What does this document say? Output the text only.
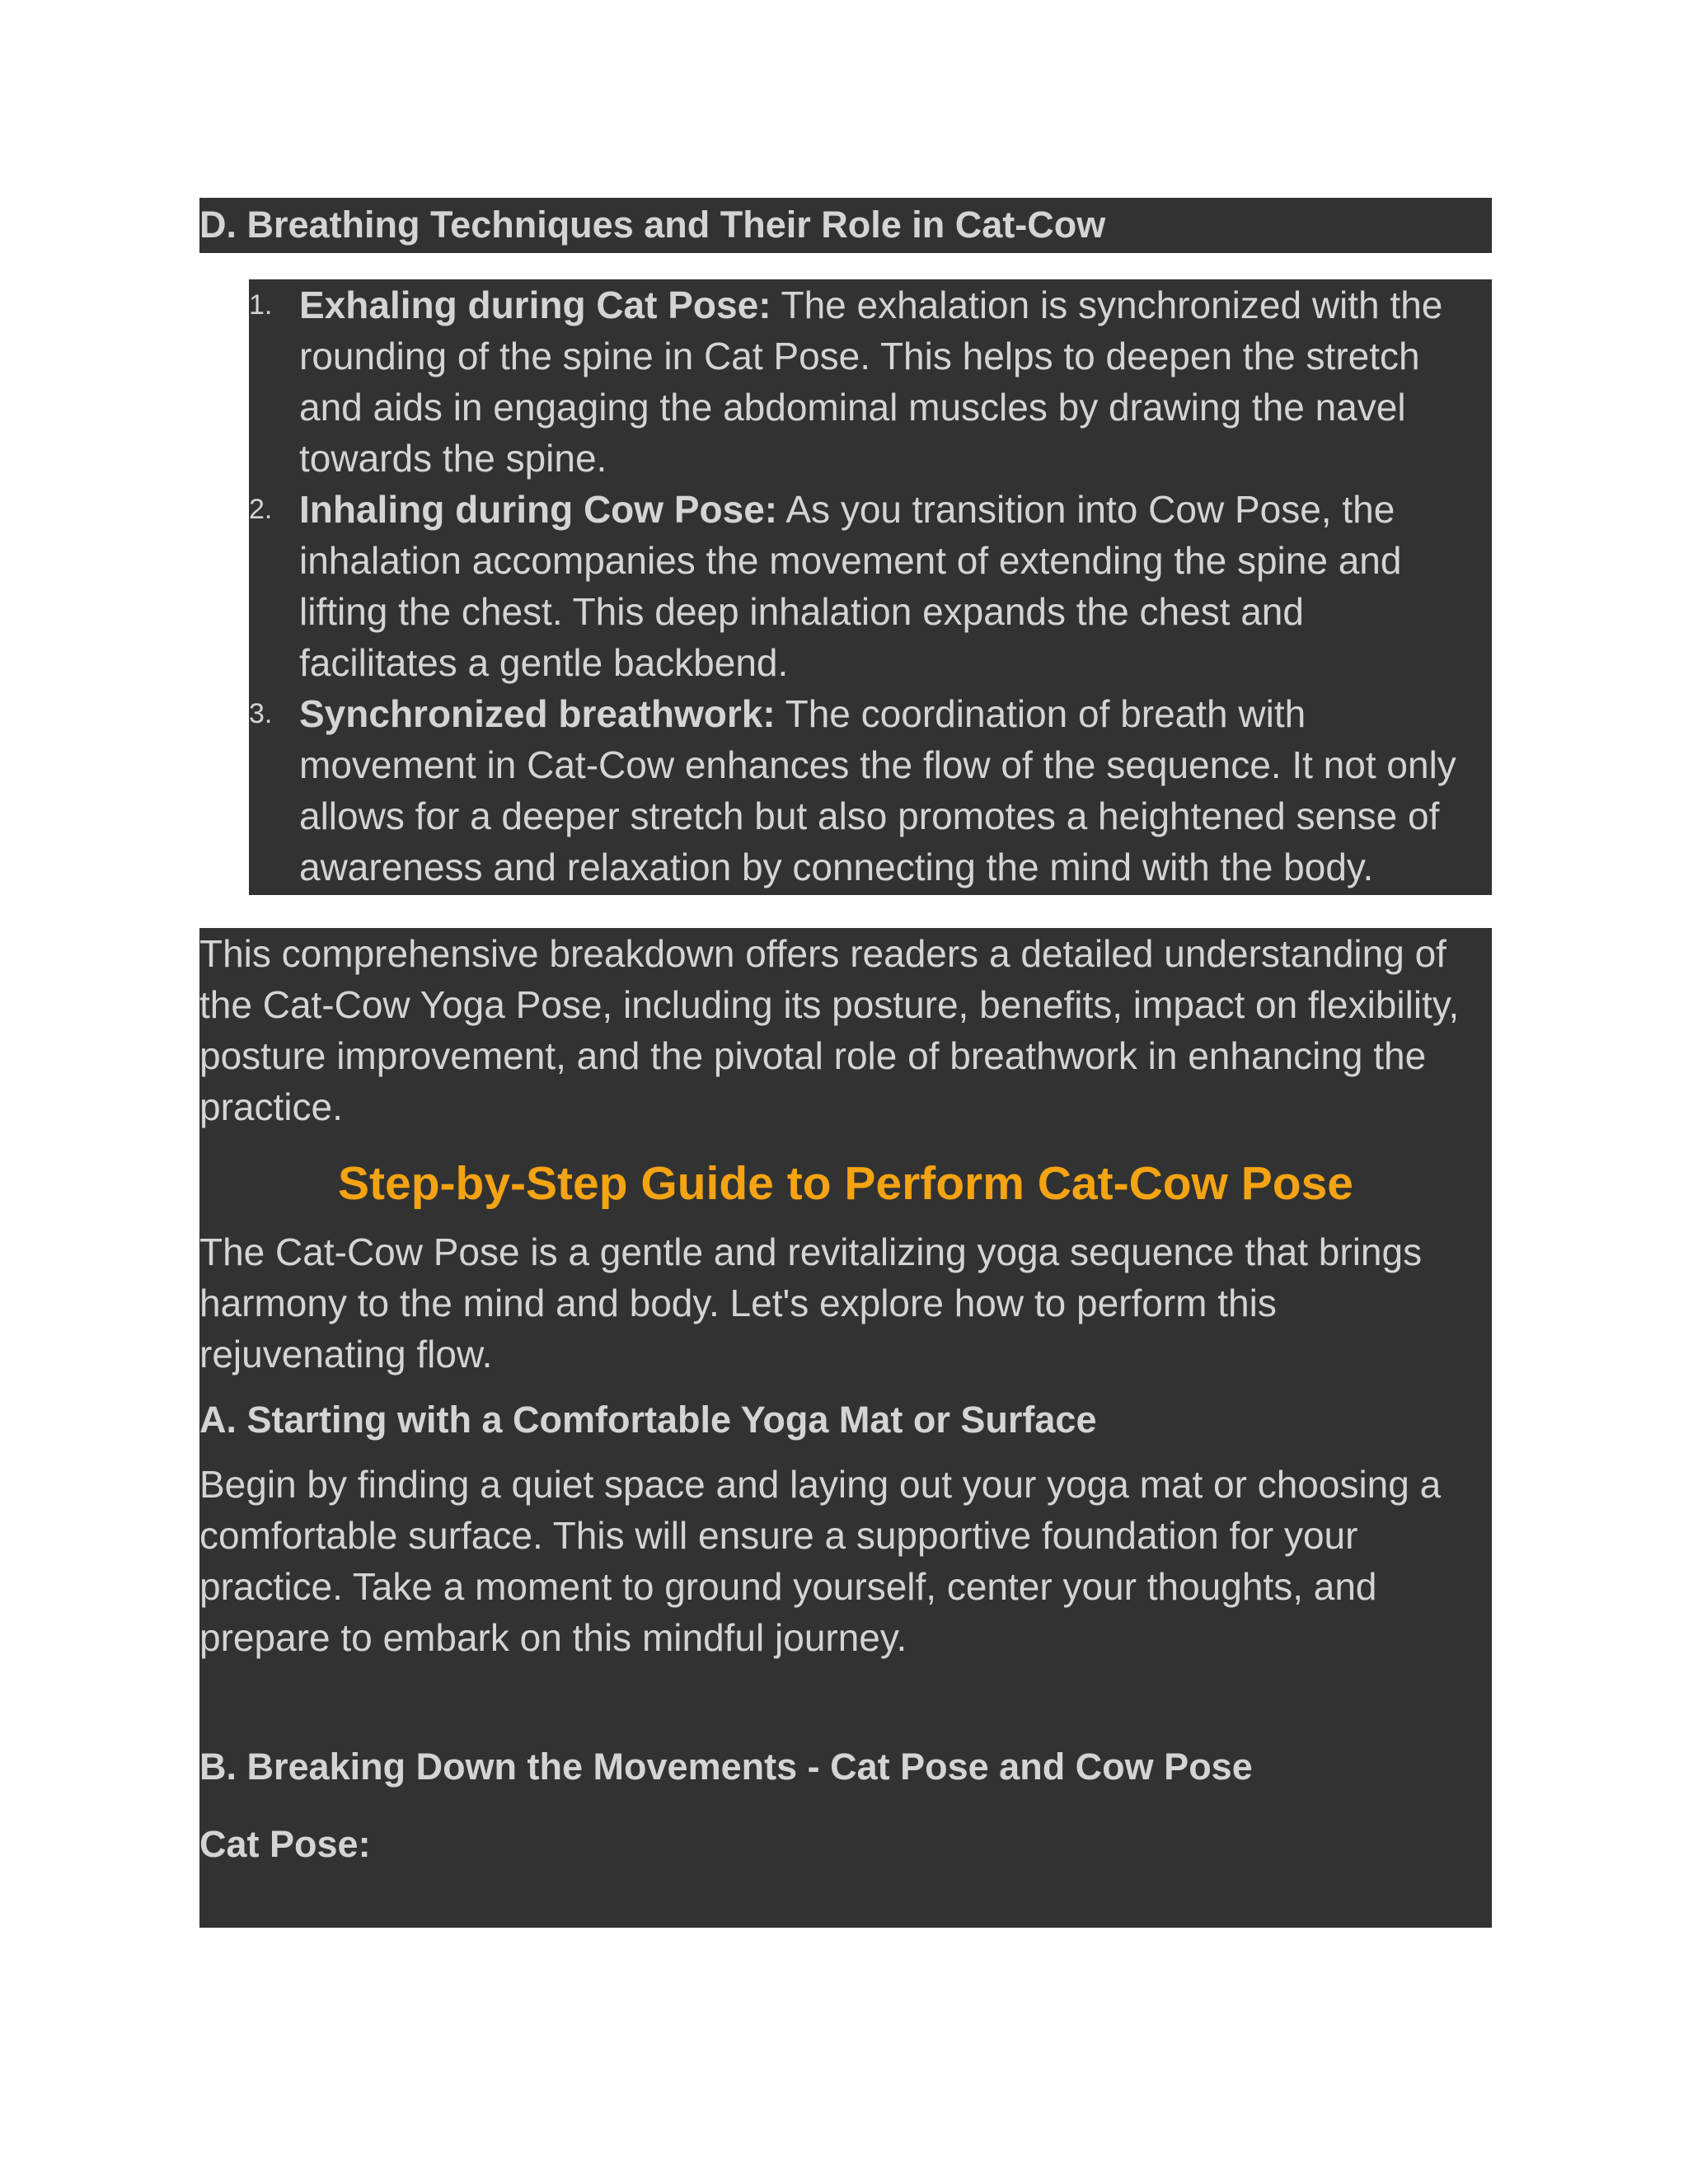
D. Breathing Techniques and Their Role in Cat-Cow
1. Exhaling during Cat Pose: The exhalation is synchronized with the
rounding of the spine in Cat Pose. This helps to deepen the stretch
and aids in engaging the abdominal muscles by drawing the navel
towards the spine.
2. Inhaling during Cow Pose: As you transition into Cow Pose, the
inhalation accompanies the movement of extending the spine and
lifting the chest. This deep inhalation expands the chest and
facilitates a gentle backbend.
3. Synchronized breathwork: The coordination of breath with
movement in Cat-Cow enhances the flow of the sequence. It not only
allows for a deeper stretch but also promotes a heightened sense of
awareness and relaxation by connecting the mind with the body.
This comprehensive breakdown offers readers a detailed understanding of
the Cat-Cow Yoga Pose, including its posture, benefits, impact on flexibility,
posture improvement, and the pivotal role of breathwork in enhancing the
practice.
Step-by-Step Guide to Perform Cat-Cow Pose
The Cat-Cow Pose is a gentle and revitalizing yoga sequence that brings
harmony to the mind and body. Let's explore how to perform this
rejuvenating flow.
A. Starting with a Comfortable Yoga Mat or Surface
Begin by finding a quiet space and laying out your yoga mat or choosing a
comfortable surface. This will ensure a supportive foundation for your
practice. Take a moment to ground yourself, center your thoughts, and
prepare to embark on this mindful journey.
B. Breaking Down the Movements - Cat Pose and Cow Pose
Cat Pose:
